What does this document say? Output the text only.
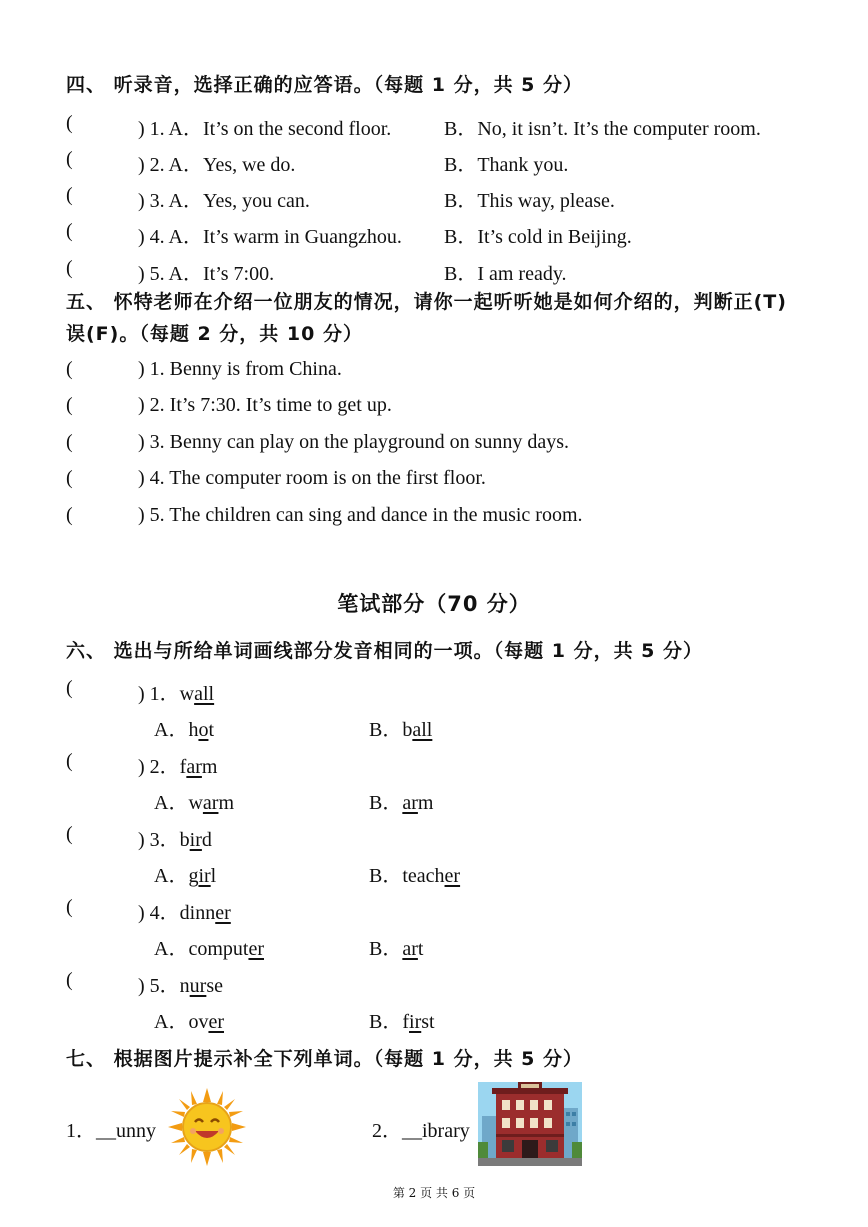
四、 听录音，选择正确的应答语。（每题 1 分，共 5 分）
(	) 1. A．It’s on the second floor.	B．No, it isn’t. It’s the computer room.
(	) 2. A．Yes, we do.	B．Thank you.
(	) 3. A．Yes, you can.	B．This way, please.
(	) 4. A．It’s warm in Guangzhou. B．It’s cold in Beijing.
(	) 5. A．It’s 7:00.	B．I am ready.
五、 怀特老师在介绍一位朋友的情况，请你一起听听她是如何介绍的，判断正(T)误(F)。（每题 2 分，共 10 分）
(	) 1. Benny is from China.
(	) 2. It’s 7:30. It’s time to get up.
(	) 3. Benny can play on the playground on sunny days.
(	) 4. The computer room is on the first floor.
(	) 5. The children can sing and dance in the music room.
笔试部分（70 分）
六、 选出与所给单词画线部分发音相同的一项。（每题 1 分，共 5 分）
(	) 1．wall
A．hot	B．ball
(	) 2．farm
A．warm	B．arm
(	) 3．bird
A．girl	B．teacher
(	) 4．dinner
A．computer	B．art
(	) 5．nurse
A．over	B．first
七、 根据图片提示补全下列单词。（每题 1 分，共 5 分）
1．__unny	2．__ibrary
第 2 页 共 6 页
